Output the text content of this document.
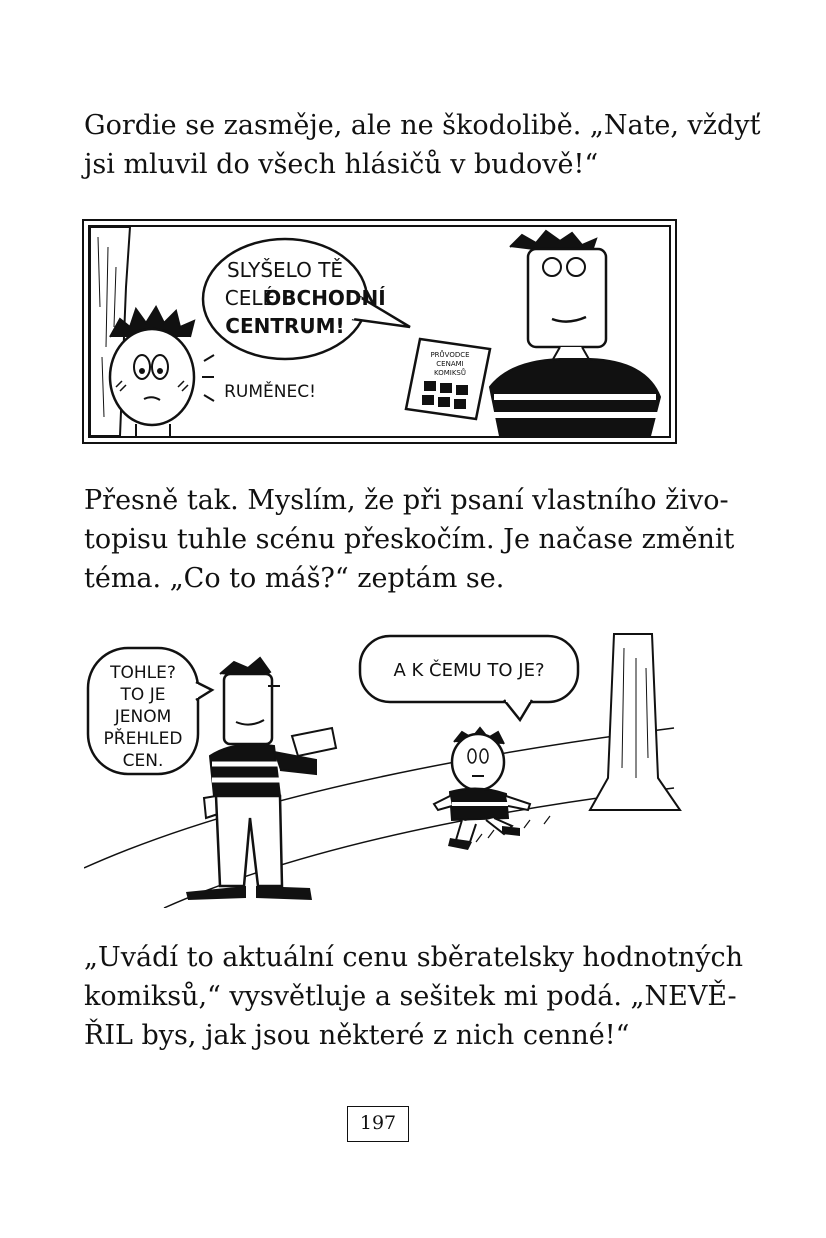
Gordie se zasměje, ale ne škodolibě. „Nate, vždyť
jsi mluvil do všech hlásičů v budově!“

SLYŠELO TĚ
CELÉ
OBCHODNÍ
CENTRUM!
RUMĚNEC!
PRŮVODCE
CENAMI
KOMIKSŮ

Přesně tak. Myslím, že při psaní vlastního živo-
topisu tuhle scénu přeskočím. Je načase změnit
téma. „Co to máš?“ zeptám se.

TOHLE?
TO JE
JENOM
PŘEHLED
CEN.
A K ČEMU TO JE?

„Uvádí to aktuální cenu sběratelsky hodnotných
komiksů,“ vysvětluje a sešitek mi podá. „NEVĚ-
ŘIL bys, jak jsou některé z nich cenné!“

197
